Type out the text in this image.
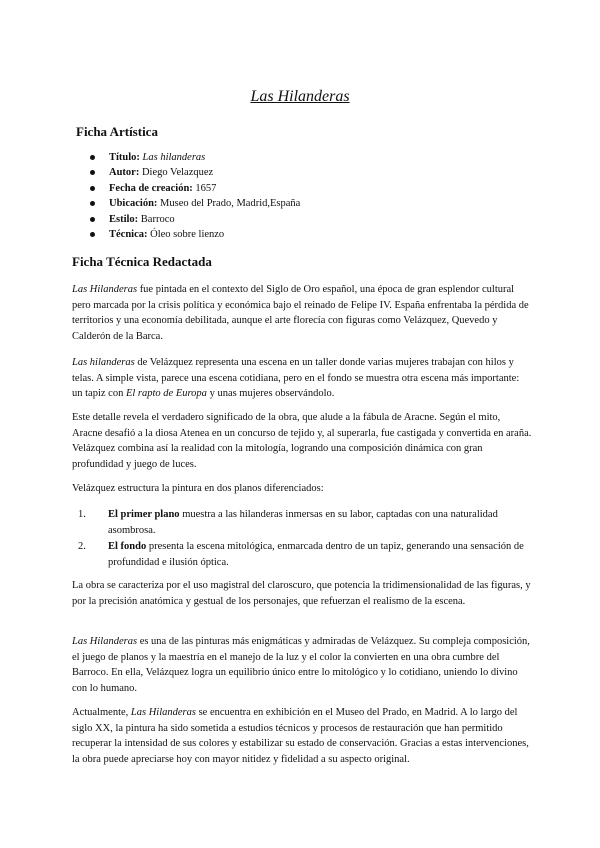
Las Hilanderas
Ficha Artística
Título: Las hilanderas
Autor: Diego Velazquez
Fecha de creación: 1657
Ubicación: Museo del Prado, Madrid,España
Estilo: Barroco
Técnica: Óleo sobre lienzo
Ficha Técnica Redactada

Las Hilanderas fue pintada en el contexto del Siglo de Oro español, una época de gran esplendor cultural pero marcada por la crisis política y económica bajo el reinado de Felipe IV. España enfrentaba la pérdida de territorios y una economía debilitada, aunque el arte florecía con figuras como Velázquez, Quevedo y Calderón de la Barca.

Las hilanderas de Velázquez representa una escena en un taller donde varias mujeres trabajan con hilos y telas. A simple vista, parece una escena cotidiana, pero en el fondo se muestra otra escena más importante: un tapiz con El rapto de Europa y unas mujeres observándolo.

Este detalle revela el verdadero significado de la obra, que alude a la fábula de Aracne. Según el mito, Aracne desafió a la diosa Atenea en un concurso de tejido y, al superarla, fue castigada y convertida en araña. Velázquez combina así la realidad con la mitología, logrando una composición dinámica con gran profundidad y juego de luces.

Velázquez estructura la pintura en dos planos diferenciados:

1. El primer plano muestra a las hilanderas inmersas en su labor, captadas con una naturalidad asombrosa.
2. El fondo presenta la escena mitológica, enmarcada dentro de un tapiz, generando una sensación de profundidad e ilusión óptica.

La obra se caracteriza por el uso magistral del claroscuro, que potencia la tridimensionalidad de las figuras, y por la precisión anatómica y gestual de los personajes, que refuerzan el realismo de la escena.

Las Hilanderas es una de las pinturas más enigmáticas y admiradas de Velázquez. Su compleja composición, el juego de planos y la maestría en el manejo de la luz y el color la convierten en una obra cumbre del Barroco. En ella, Velázquez logra un equilibrio único entre lo mitológico y lo cotidiano, uniendo lo divino con lo humano.

Actualmente, Las Hilanderas se encuentra en exhibición en el Museo del Prado, en Madrid. A lo largo del siglo XX, la pintura ha sido sometida a estudios técnicos y procesos de restauración que han permitido recuperar la intensidad de sus colores y estabilizar su estado de conservación. Gracias a estas intervenciones, la obra puede apreciarse hoy con mayor nitidez y fidelidad a su aspecto original.
